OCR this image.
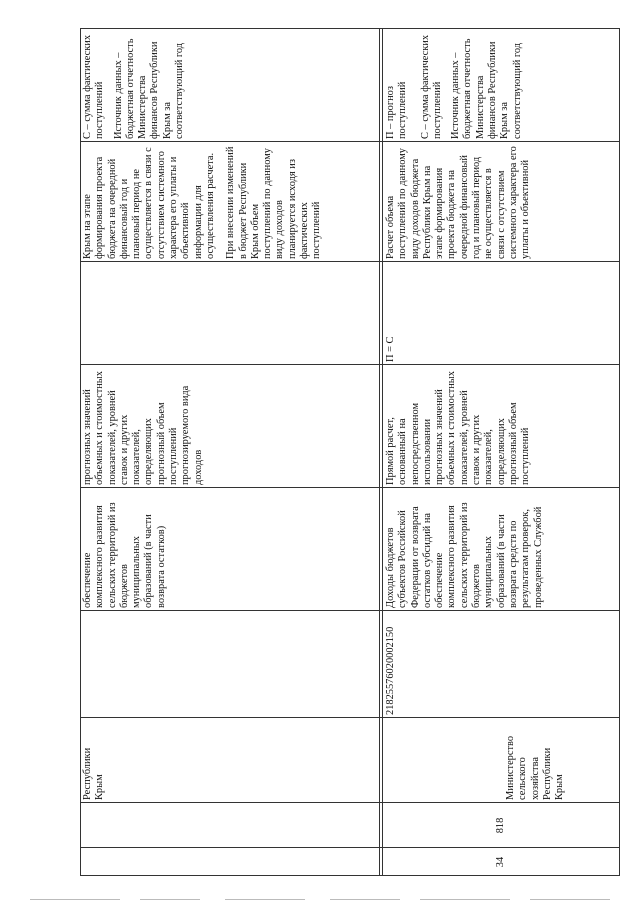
Республики Крым
обеспечение комплексного развития сельских территорий из бюджетов муниципальных образований (в части возврата остатков)
прогнозных значений объемных и стоимостных показателей, уровней ставок и других показателей, определяющих прогнозный объем поступлений прогнозируемого вида доходов

Крым на этапе формирования проекта бюджета на очередной финансовый год и плановый период не осуществляется в связи с отсутствием системного характера его уплаты и объективной информации для осуществления расчета. При внесении изменений в бюджет Республики Крым объем поступлений по данному виду доходов планируется исходя из фактических поступлений

С – сумма фактических поступлений Источник данных – бюджетная отчетность Министерства финансов Республики Крым за соответствующий год

34
818
Министерство сельского хозяйства Республики Крым
21825576020002150
Доходы бюджетов субъектов Российской Федерации от возврата остатков субсидий на обеспечение комплексного развития сельских территорий из бюджетов муниципальных образований (в части возврата средств по результатам проверок, проведенных Службой
Прямой расчет, основанный на непосредственном использовании прогнозных значений объемных и стоимостных показателей, уровней ставок и других показателей, определяющих прогнозный объем поступлений
П = С

Расчет объема поступлений по данному виду доходов бюджета Республики Крым на этапе формирования проекта бюджета на очередной финансовый год и плановый период не осуществляется в связи с отсутствием системного характера его уплаты и объективной

П – прогноз поступлений С – сумма фактических поступлений Источник данных – бюджетная отчетность Министерства финансов Республики Крым за соответствующий год
